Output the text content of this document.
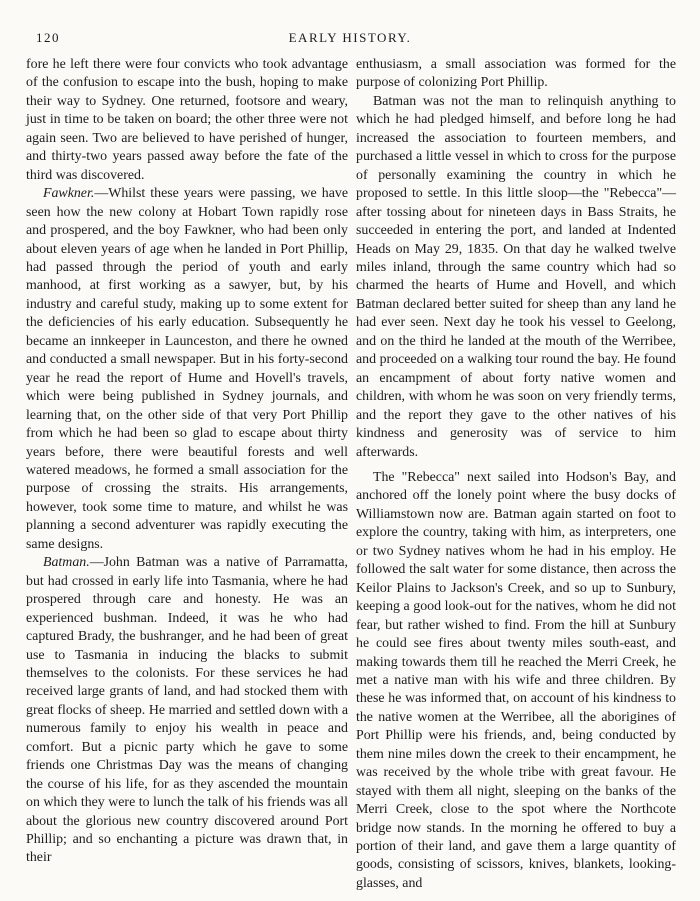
120	EARLY HISTORY.

fore he left there were four convicts who took advantage of the confusion to escape into the bush, hoping to make their way to Sydney. One returned, footsore and weary, just in time to be taken on board; the other three were not again seen. Two are believed to have perished of hunger, and thirty-two years passed away before the fate of the third was discovered.

Fawkner.—Whilst these years were passing, we have seen how the new colony at Hobart Town rapidly rose and prospered, and the boy Fawkner, who had been only about eleven years of age when he landed in Port Phillip, had passed through the period of youth and early manhood, at first working as a sawyer, but, by his industry and careful study, making up to some extent for the deficiencies of his early education. Subsequently he became an innkeeper in Launceston, and there he owned and conducted a small newspaper. But in his forty-second year he read the report of Hume and Hovell's travels, which were being published in Sydney journals, and learning that, on the other side of that very Port Phillip from which he had been so glad to escape about thirty years before, there were beautiful forests and well watered meadows, he formed a small association for the purpose of crossing the straits. His arrangements, however, took some time to mature, and whilst he was planning a second adventurer was rapidly executing the same designs.

Batman.—John Batman was a native of Parramatta, but had crossed in early life into Tasmania, where he had prospered through care and honesty. He was an experienced bushman. Indeed, it was he who had captured Brady, the bushranger, and he had been of great use to Tasmania in inducing the blacks to submit themselves to the colonists. For these services he had received large grants of land, and had stocked them with great flocks of sheep. He married and settled down with a numerous family to enjoy his wealth in peace and comfort. But a picnic party which he gave to some friends one Christmas Day was the means of changing the course of his life, for as they ascended the mountain on which they were to lunch the talk of his friends was all about the glorious new country discovered around Port Phillip; and so enchanting a picture was drawn that, in their

enthusiasm, a small association was formed for the purpose of colonizing Port Phillip.

Batman was not the man to relinquish anything to which he had pledged himself, and before long he had increased the association to fourteen members, and purchased a little vessel in which to cross for the purpose of personally examining the country in which he proposed to settle. In this little sloop—the "Rebecca"—after tossing about for nineteen days in Bass Straits, he succeeded in entering the port, and landed at Indented Heads on May 29, 1835. On that day he walked twelve miles inland, through the same country which had so charmed the hearts of Hume and Hovell, and which Batman declared better suited for sheep than any land he had ever seen. Next day he took his vessel to Geelong, and on the third he landed at the mouth of the Werribee, and proceeded on a walking tour round the bay. He found an encampment of about forty native women and children, with whom he was soon on very friendly terms, and the report they gave to the other natives of his kindness and generosity was of service to him afterwards.

The "Rebecca" next sailed into Hodson's Bay, and anchored off the lonely point where the busy docks of Williamstown now are. Batman again started on foot to explore the country, taking with him, as interpreters, one or two Sydney natives whom he had in his employ. He followed the salt water for some distance, then across the Keilor Plains to Jackson's Creek, and so up to Sunbury, keeping a good look-out for the natives, whom he did not fear, but rather wished to find. From the hill at Sunbury he could see fires about twenty miles south-east, and making towards them till he reached the Merri Creek, he met a native man with his wife and three children. By these he was informed that, on account of his kindness to the native women at the Werribee, all the aborigines of Port Phillip were his friends, and, being conducted by them nine miles down the creek to their encampment, he was received by the whole tribe with great favour. He stayed with them all night, sleeping on the banks of the Merri Creek, close to the spot where the Northcote bridge now stands. In the morning he offered to buy a portion of their land, and gave them a large quantity of goods, consisting of scissors, knives, blankets, looking-glasses, and
